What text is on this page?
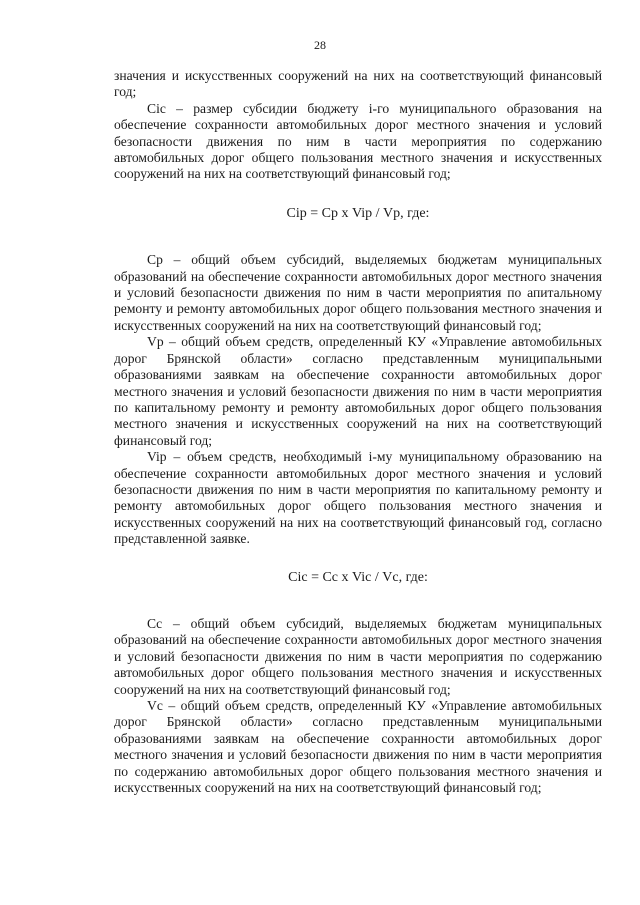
28

значения и искусственных сооружений на них на соответствующий финансовый год;

Ciс – размер субсидии бюджету i-го муниципального образования на обеспечение сохранности автомобильных дорог местного значения и условий безопасности движения по ним в части мероприятия по содержанию автомобильных дорог общего пользования местного значения и искусственных сооружений на них на соответствующий финансовый год;

Ciр = Ср х Viр / Vр, где:

Ср – общий объем субсидий, выделяемых бюджетам муниципальных образований на обеспечение сохранности автомобильных дорог местного значения и условий безопасности движения по ним в части мероприятия по апитальному ремонту и ремонту автомобильных дорог общего пользования местного значения и искусственных сооружений на них на соответствующий финансовый год;

Vр – общий объем средств, определенный КУ «Управление автомобильных дорог Брянской области» согласно представленным муниципальными образованиями заявкам на обеспечение сохранности автомобильных дорог местного значения и условий безопасности движения по ним в части мероприятия по капитальному ремонту и ремонту автомобильных дорог общего пользования местного значения и искусственных сооружений на них на соответствующий финансовый год;

Viр – объем средств, необходимый i-му муниципальному образованию на обеспечение сохранности автомобильных дорог местного значения и условий безопасности движения по ним в части мероприятия по капитальному ремонту и ремонту автомобильных дорог общего пользования местного значения и искусственных сооружений на них на соответствующий финансовый год, согласно представленной заявке.

Ciс = Cс х Viс / Vс, где:

Cс – общий объем субсидий, выделяемых бюджетам муниципальных образований на обеспечение сохранности автомобильных дорог местного значения и условий безопасности движения по ним в части мероприятия по содержанию автомобильных дорог общего пользования местного значения и искусственных сооружений на них на соответствующий финансовый год;

Vс – общий объем средств, определенный КУ «Управление автомобильных дорог Брянской области» согласно представленным муниципальными образованиями заявкам на обеспечение сохранности автомобильных дорог местного значения и условий безопасности движения по ним в части мероприятия по содержанию автомобильных дорог общего пользования местного значения и искусственных сооружений на них на соответствующий финансовый год;
